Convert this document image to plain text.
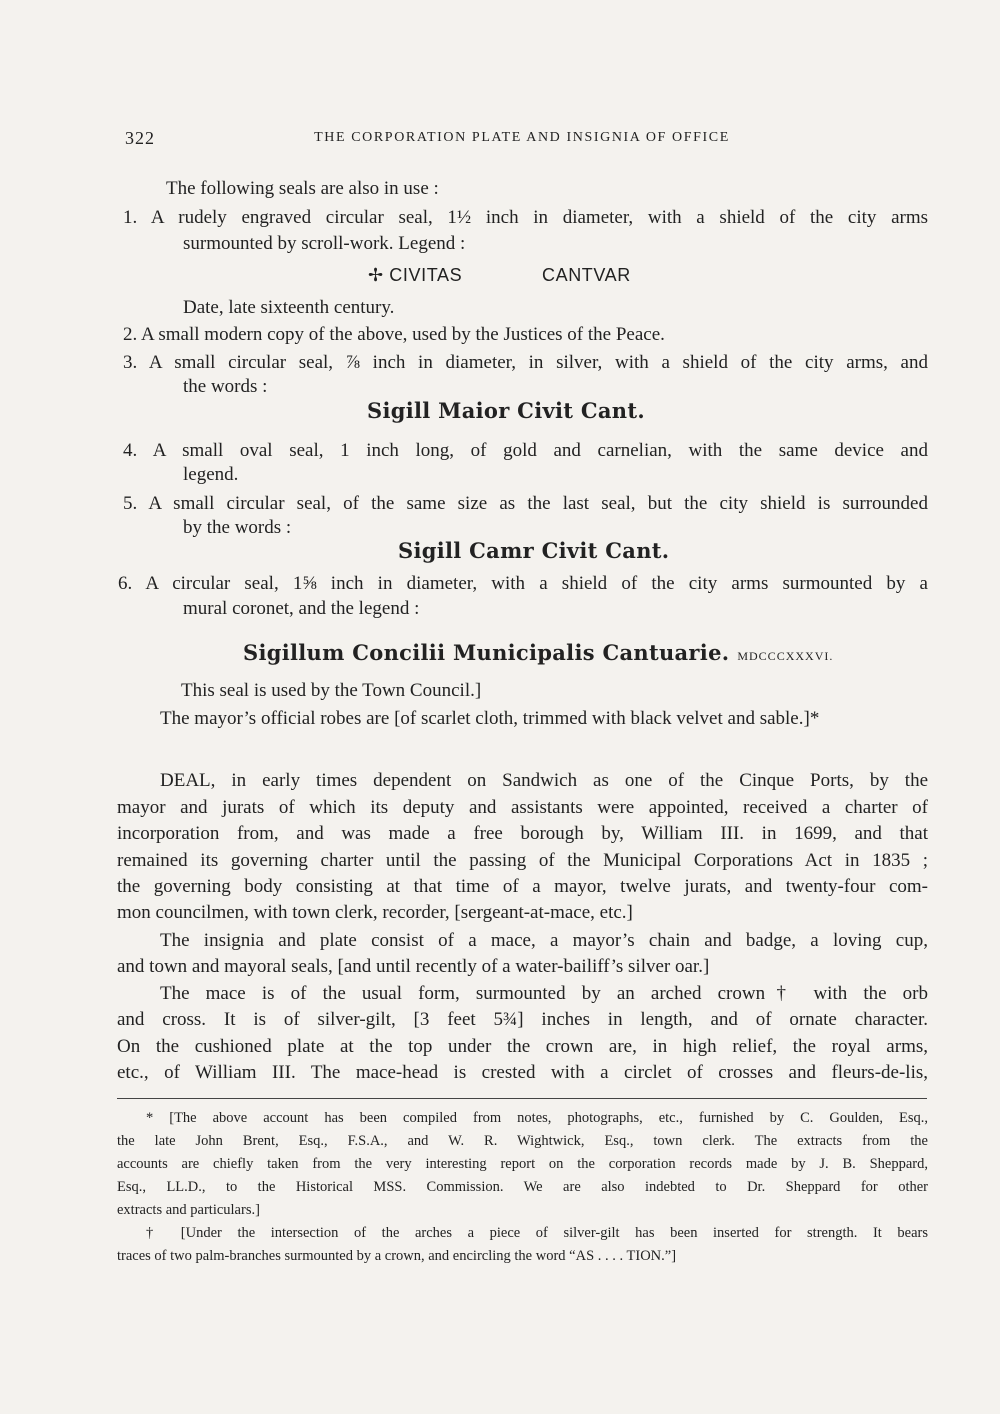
322	THE CORPORATION PLATE AND INSIGNIA OF OFFICE
The following seals are also in use :
1. A rudely engraved circular seal, 1½ inch in diameter, with a shield of the city arms
surmounted by scroll-work. Legend :
✢ CIVITAS	CANTVAR
Date, late sixteenth century.
2. A small modern copy of the above, used by the Justices of the Peace.
3. A small circular seal, ⅞ inch in diameter, in silver, with a shield of the city arms, and
the words :
Sigill Maior Civit Cant.
4. A small oval seal, 1 inch long, of gold and carnelian, with the same device and
legend.
5. A small circular seal, of the same size as the last seal, but the city shield is surrounded
by the words :
Sigill Camr Civit Cant.
6. A circular seal, 1⅝ inch in diameter, with a shield of the city arms surmounted by a
mural coronet, and the legend :
Sigillum Concilii Municipalis Cantuarie. MDCCCXXXVI.
This seal is used by the Town Council.]
The mayor’s official robes are [of scarlet cloth, trimmed with black velvet and sable.]*
DEAL, in early times dependent on Sandwich as one of the Cinque Ports, by the
mayor and jurats of which its deputy and assistants were appointed, received a charter of
incorporation from, and was made a free borough by, William III. in 1699, and that
remained its governing charter until the passing of the Municipal Corporations Act in 1835 ;
the governing body consisting at that time of a mayor, twelve jurats, and twenty-four com-
mon councilmen, with town clerk, recorder, [sergeant-at-mace, etc.]
The insignia and plate consist of a mace, a mayor’s chain and badge, a loving cup,
and town and mayoral seals, [and until recently of a water-bailiff’s silver oar.]
The mace is of the usual form, surmounted by an arched crown† with the orb
and cross. It is of silver-gilt, [3 feet 5¾] inches in length, and of ornate character.
On the cushioned plate at the top under the crown are, in high relief, the royal arms,
etc., of William III. The mace-head is crested with a circlet of crosses and fleurs-de-lis,
* [The above account has been compiled from notes, photographs, etc., furnished by C. Goulden, Esq.,
the late John Brent, Esq., F.S.A., and W. R. Wightwick, Esq., town clerk. The extracts from the
accounts are chiefly taken from the very interesting report on the corporation records made by J. B. Sheppard,
Esq., LL.D., to the Historical MSS. Commission. We are also indebted to Dr. Sheppard for other
extracts and particulars.]
† [Under the intersection of the arches a piece of silver-gilt has been inserted for strength. It bears
traces of two palm-branches surmounted by a crown, and encircling the word “AS . . . . TION.”]
